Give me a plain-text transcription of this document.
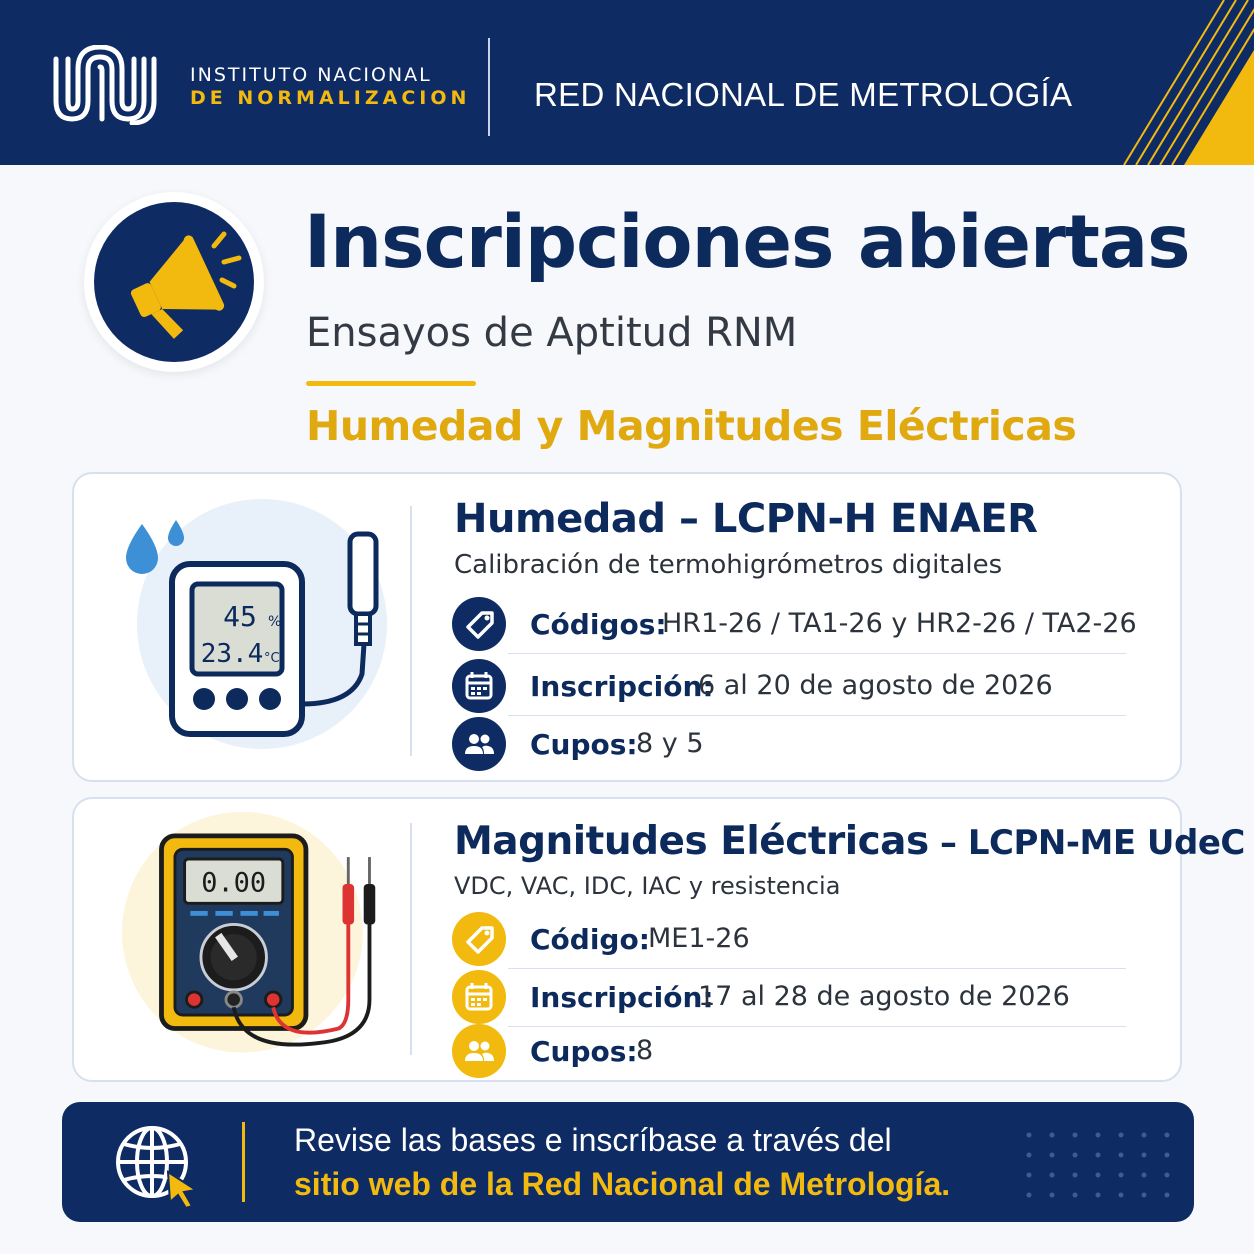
INSTITUTO NACIONAL
DE NORMALIZACION RED NACIONAL DE METROLOGÍA
Inscripciones abiertas
Ensayos de Aptitud RNM
Humedad y Magnitudes Eléctricas
45 %
23.4 °C
Humedad – LCPN-H ENAER
Calibración de termohigrómetros digitales
Códigos:
HR1-26 / TA1-26 y HR2-26 / TA2-26
Inscripción:
6 al 20 de agosto de 2026
Cupos:
8 y 5
0.00
Magnitudes Eléctricas – LCPN-ME UdeC
VDC, VAC, IDC, IAC y resistencia
Código:
ME1-26
Inscripción:
17 al 28 de agosto de 2026
Cupos:
8
Revise las bases e inscríbase a través del
sitio web de la Red Nacional de Metrología.
